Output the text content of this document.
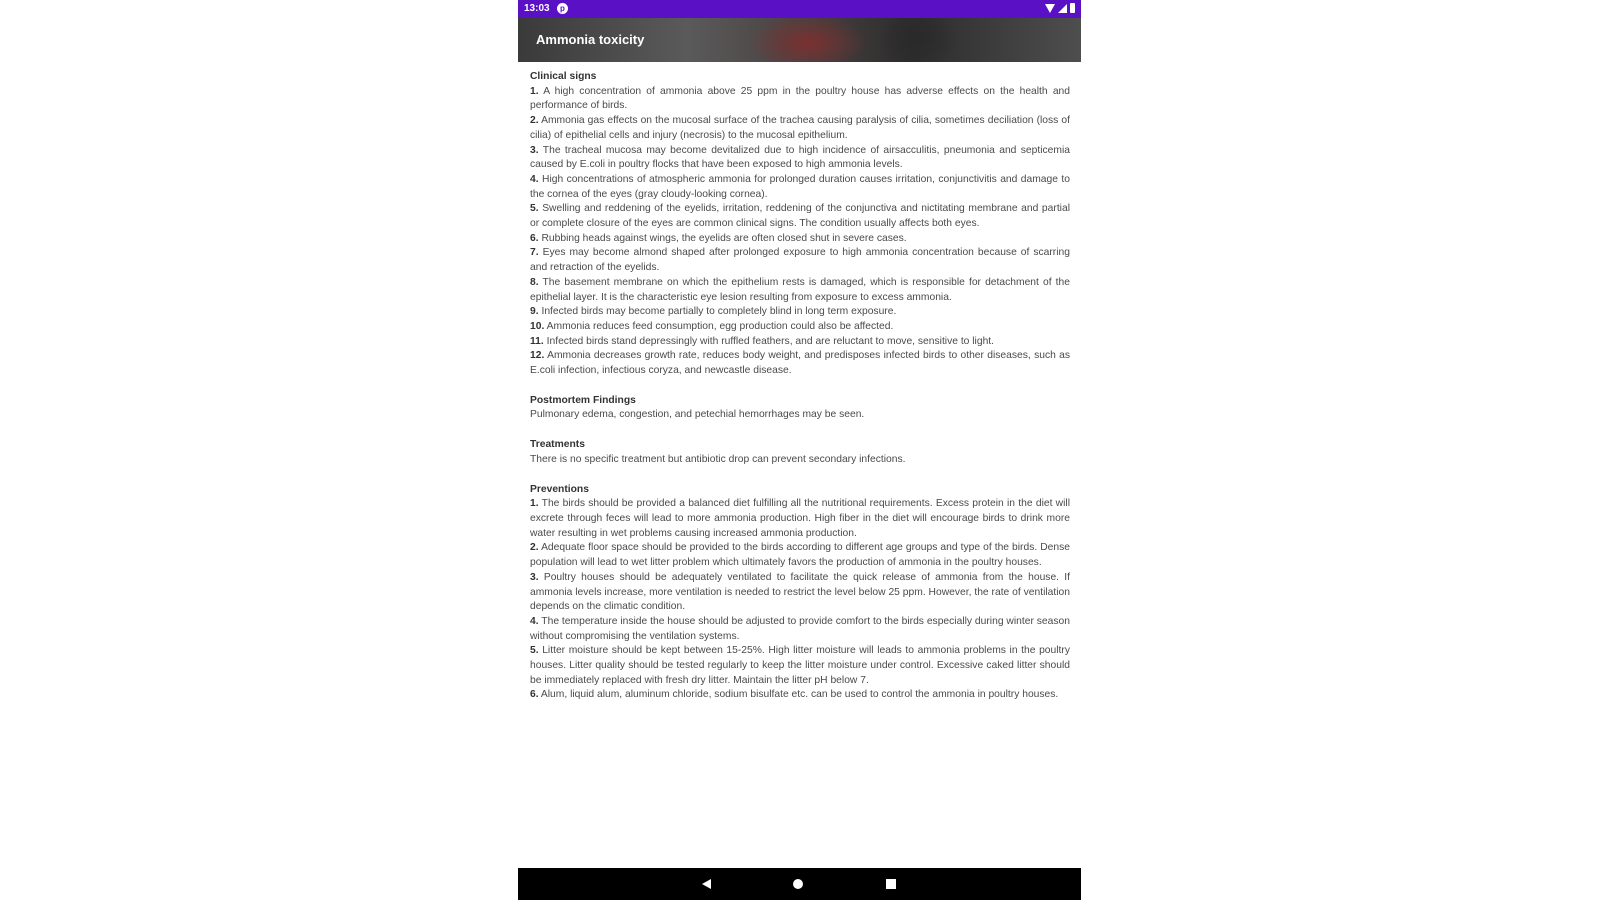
13:03	p
Ammonia toxicity

Clinical signs

1. A high concentration of ammonia above 25 ppm in the poultry house has adverse effects on the health and performance of birds.

2. Ammonia gas effects on the mucosal surface of the trachea causing paralysis of cilia, sometimes deciliation (loss of cilia) of epithelial cells and injury (necrosis) to the mucosal epithelium.

3. The tracheal mucosa may become devitalized due to high incidence of airsacculitis, pneumonia and septicemia caused by E.coli in poultry flocks that have been exposed to high ammonia levels.

4. High concentrations of atmospheric ammonia for prolonged duration causes irritation, conjunctivitis and damage to the cornea of the eyes (gray cloudy-looking cornea).

5. Swelling and reddening of the eyelids, irritation, reddening of the conjunctiva and nictitating membrane and partial or complete closure of the eyes are common clinical signs. The condition usually affects both eyes.

6. Rubbing heads against wings, the eyelids are often closed shut in severe cases.

7. Eyes may become almond shaped after prolonged exposure to high ammonia concentration because of scarring and retraction of the eyelids.

8. The basement membrane on which the epithelium rests is damaged, which is responsible for detachment of the epithelial layer. It is the characteristic eye lesion resulting from exposure to excess ammonia.

9. Infected birds may become partially to completely blind in long term exposure.

10. Ammonia reduces feed consumption, egg production could also be affected.

11. Infected birds stand depressingly with ruffled feathers, and are reluctant to move, sensitive to light.

12. Ammonia decreases growth rate, reduces body weight, and predisposes infected birds to other diseases, such as E.coli infection, infectious coryza, and newcastle disease.

Postmortem Findings

Pulmonary edema, congestion, and petechial hemorrhages may be seen.

Treatments

There is no specific treatment but antibiotic drop can prevent secondary infections.

Preventions

1. The birds should be provided a balanced diet fulfilling all the nutritional requirements. Excess protein in the diet will excrete through feces will lead to more ammonia production. High fiber in the diet will encourage birds to drink more water resulting in wet problems causing increased ammonia production.

2. Adequate floor space should be provided to the birds according to different age groups and type of the birds. Dense population will lead to wet litter problem which ultimately favors the production of ammonia in the poultry houses.

3. Poultry houses should be adequately ventilated to facilitate the quick release of ammonia from the house. If ammonia levels increase, more ventilation is needed to restrict the level below 25 ppm. However, the rate of ventilation depends on the climatic condition.

4. The temperature inside the house should be adjusted to provide comfort to the birds especially during winter season without compromising the ventilation systems.

5. Litter moisture should be kept between 15-25%. High litter moisture will leads to ammonia problems in the poultry houses. Litter quality should be tested regularly to keep the litter moisture under control. Excessive caked litter should be immediately replaced with fresh dry litter. Maintain the litter pH below 7.

6. Alum, liquid alum, aluminum chloride, sodium bisulfate etc. can be used to control the ammonia in poultry houses.
